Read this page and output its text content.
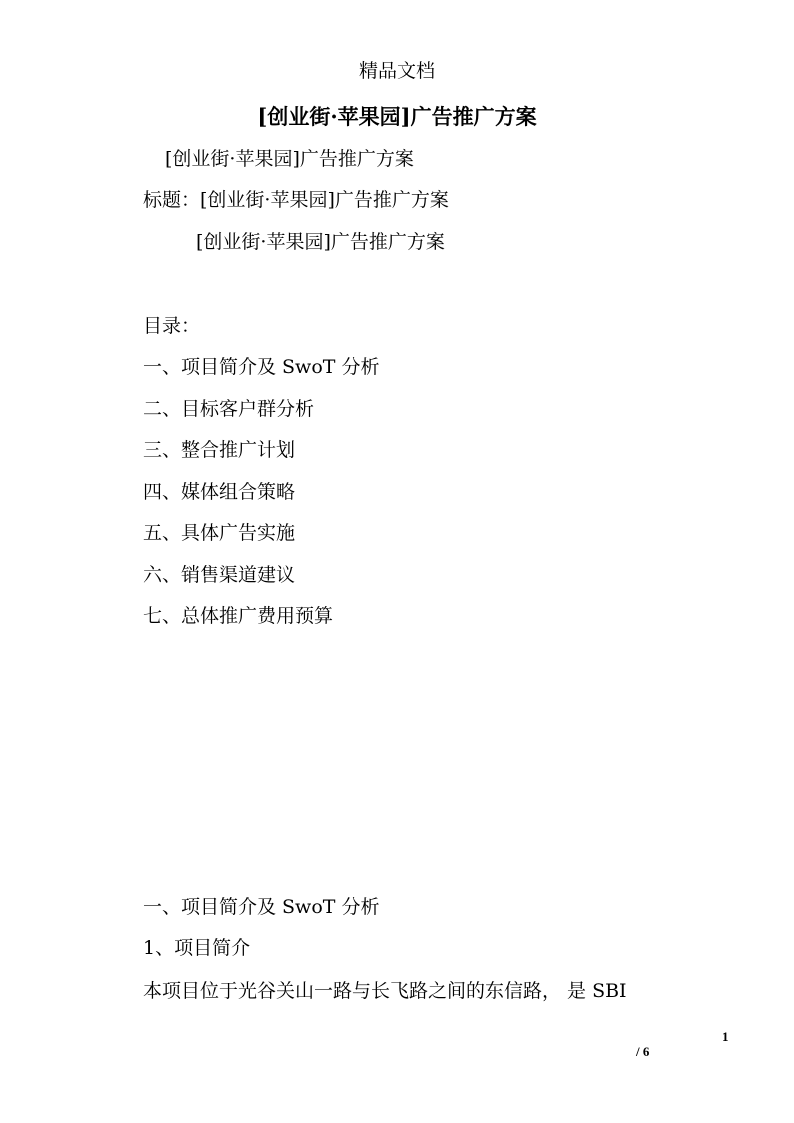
精品文档
[创业街·苹果园]广告推广方案
[创业街·苹果园]广告推广方案
标题：[创业街·苹果园]广告推广方案
[创业街·苹果园]广告推广方案
目录：
一、项目简介及 SwoT 分析
二、目标客户群分析
三、整合推广计划
四、媒体组合策略
五、具体广告实施
六、销售渠道建议
七、总体推广费用预算
一、项目简介及 SwoT 分析
1、项目简介
本项目位于光谷关山一路与长飞路之间的东信路， 是 SBI
1
/ 6
